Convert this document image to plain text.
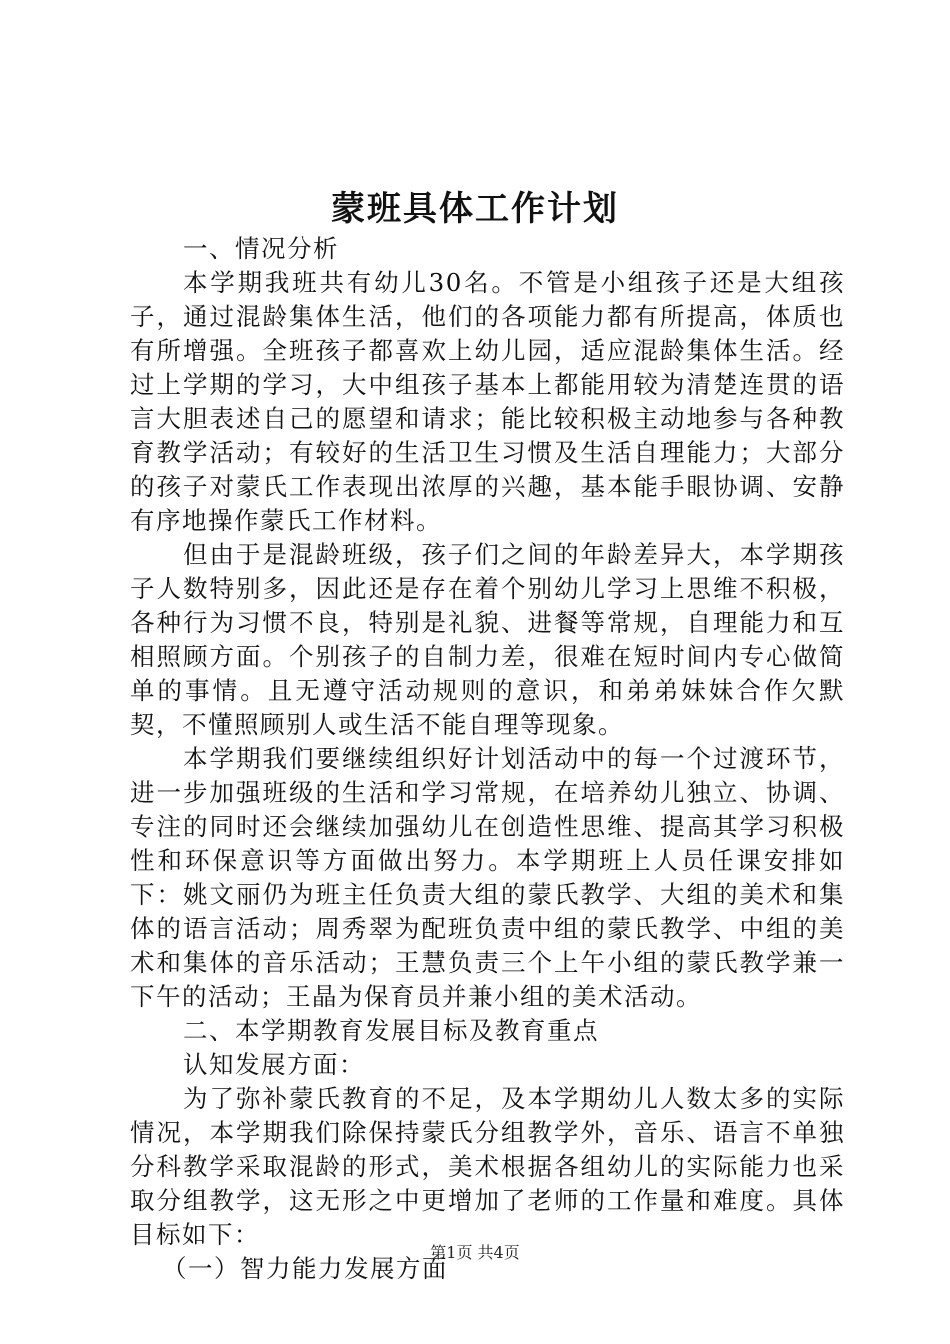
蒙班具体工作计划

一、情况分析

本学期我班共有幼儿30名。不管是小组孩子还是大组孩子，通过混龄集体生活，他们的各项能力都有所提高，体质也有所增强。全班孩子都喜欢上幼儿园，适应混龄集体生活。经过上学期的学习，大中组孩子基本上都能用较为清楚连贯的语言大胆表述自己的愿望和请求；能比较积极主动地参与各种教育教学活动；有较好的生活卫生习惯及生活自理能力；大部分的孩子对蒙氏工作表现出浓厚的兴趣，基本能手眼协调、安静有序地操作蒙氏工作材料。

但由于是混龄班级，孩子们之间的年龄差异大，本学期孩子人数特别多，因此还是存在着个别幼儿学习上思维不积极，各种行为习惯不良，特别是礼貌、进餐等常规，自理能力和互相照顾方面。个别孩子的自制力差，很难在短时间内专心做简单的事情。且无遵守活动规则的意识，和弟弟妹妹合作欠默契，不懂照顾别人或生活不能自理等现象。

本学期我们要继续组织好计划活动中的每一个过渡环节，进一步加强班级的生活和学习常规，在培养幼儿独立、协调、专注的同时还会继续加强幼儿在创造性思维、提高其学习积极性和环保意识等方面做出努力。本学期班上人员任课安排如下：姚文丽仍为班主任负责大组的蒙氏教学、大组的美术和集体的语言活动；周秀翠为配班负责中组的蒙氏教学、中组的美术和集体的音乐活动；王慧负责三个上午小组的蒙氏教学兼一下午的活动；王晶为保育员并兼小组的美术活动。

二、本学期教育发展目标及教育重点

认知发展方面：

为了弥补蒙氏教育的不足，及本学期幼儿人数太多的实际情况，本学期我们除保持蒙氏分组教学外，音乐、语言不单独分科教学采取混龄的形式，美术根据各组幼儿的实际能力也采取分组教学，这无形之中更增加了老师的工作量和难度。具体目标如下：

（一）智力能力发展方面

第1页 共4页
